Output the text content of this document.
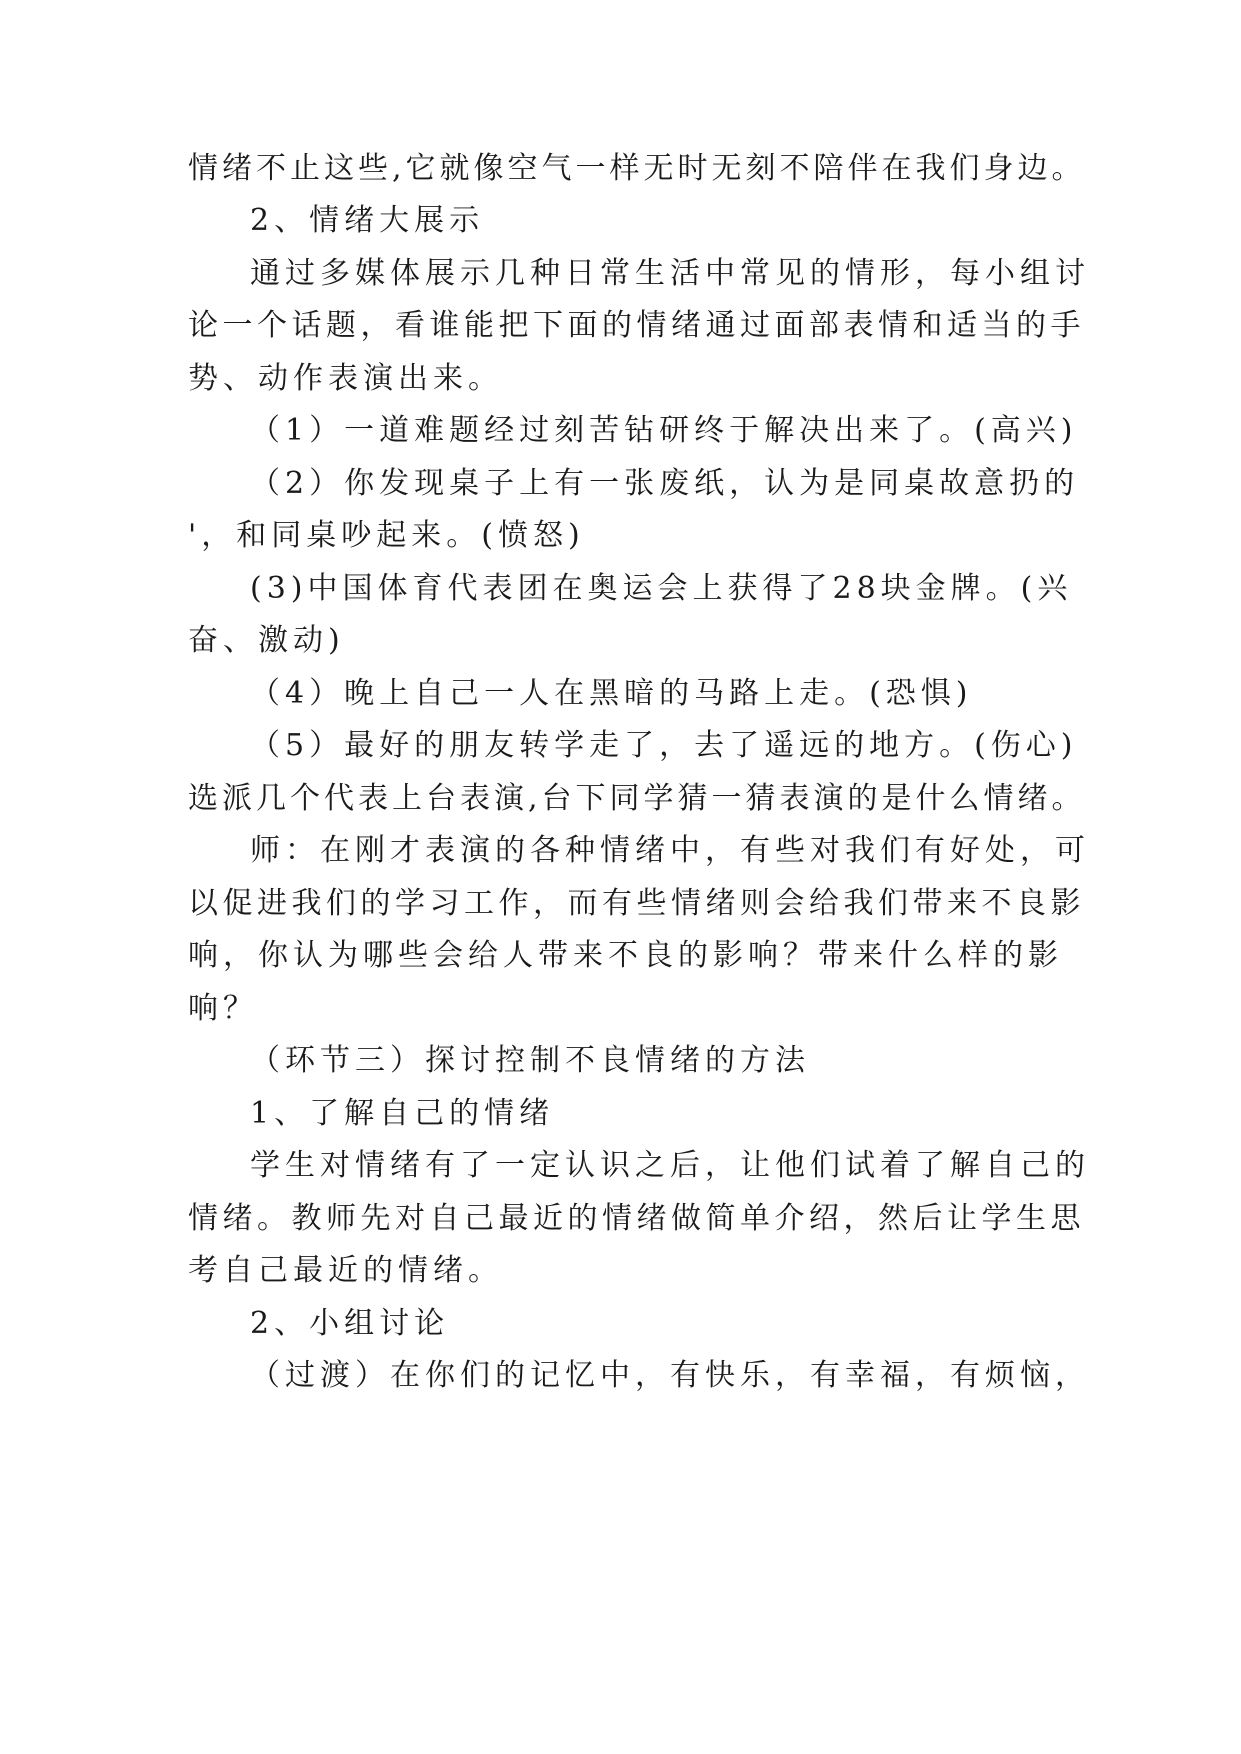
情绪不止这些,它就像空气一样无时无刻不陪伴在我们身边。
2、情绪大展示
通过多媒体展示几种日常生活中常见的情形，每小组讨
论一个话题，看谁能把下面的情绪通过面部表情和适当的手
势、动作表演出来。
（1）一道难题经过刻苦钻研终于解决出来了。(高兴)
（2）你发现桌子上有一张废纸，认为是同桌故意扔的
'，和同桌吵起来。(愤怒)
(3)中国体育代表团在奥运会上获得了28块金牌。(兴
奋、激动)
（4）晚上自己一人在黑暗的马路上走。(恐惧)
（5）最好的朋友转学走了，去了遥远的地方。(伤心)
选派几个代表上台表演,台下同学猜一猜表演的是什么情绪。
师：在刚才表演的各种情绪中，有些对我们有好处，可
以促进我们的学习工作，而有些情绪则会给我们带来不良影
响，你认为哪些会给人带来不良的影响？带来什么样的影
响？
（环节三）探讨控制不良情绪的方法
1、了解自己的情绪
学生对情绪有了一定认识之后，让他们试着了解自己的
情绪。教师先对自己最近的情绪做简单介绍，然后让学生思
考自己最近的情绪。
2、小组讨论
（过渡）在你们的记忆中，有快乐，有幸福，有烦恼，
